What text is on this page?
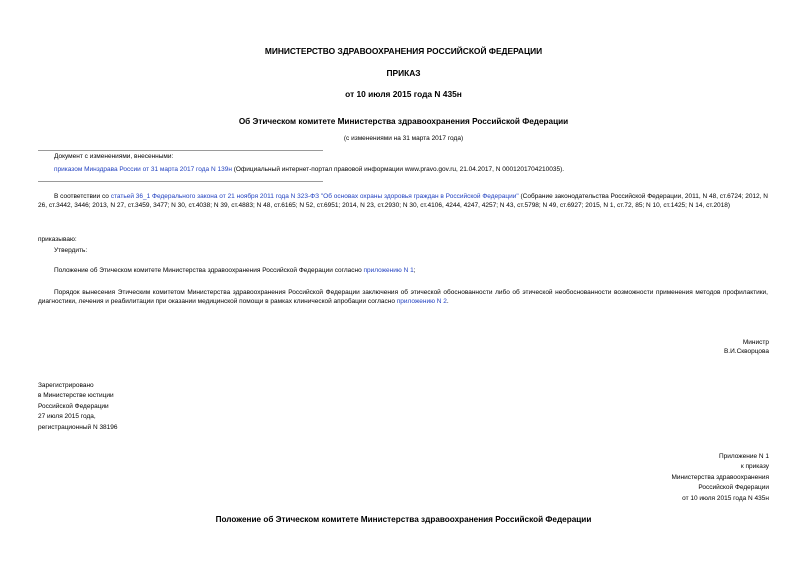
МИНИСТЕРСТВО ЗДРАВООХРАНЕНИЯ РОССИЙСКОЙ ФЕДЕРАЦИИ
ПРИКАЗ
от 10 июля 2015 года N 435н
Об Этическом комитете Министерства здравоохранения Российской Федерации
(с изменениями на 31 марта 2017 года)
Документ с изменениями, внесенными:
приказом Минздрава России от 31 марта 2017 года N 139н (Официальный интернет-портал правовой информации www.pravo.gov.ru, 21.04.2017, N 0001201704210035).
В соответствии со статьей 36_1 Федерального закона от 21 ноября 2011 года N 323-ФЗ "Об основах охраны здоровья граждан в Российской Федерации" (Собрание законодательства Российской Федерации, 2011, N 48, ст.6724; 2012, N 26, ст.3442, 3446; 2013, N 27, ст.3459, 3477; N 30, ст.4038; N 39, ст.4883; N 48, ст.6165; N 52, ст.6951; 2014, N 23, ст.2930; N 30, ст.4106, 4244, 4247, 4257; N 43, ст.5798; N 49, ст.6927; 2015, N 1, ст.72, 85; N 10, ст.1425; N 14, ст.2018)
приказываю:
Утвердить:
Положение об Этическом комитете Министерства здравоохранения Российской Федерации согласно приложению N 1;
Порядок вынесения Этическим комитетом Министерства здравоохранения Российской Федерации заключения об этической обоснованности либо об этической необоснованности возможности применения методов профилактики, диагностики, лечения и реабилитации при оказании медицинской помощи в рамках клинической апробации согласно приложению N 2.
Министр
В.И.Скворцова
Зарегистрировано
в Министерстве юстиции
Российской Федерации
27 июля 2015 года,
регистрационный N 38196
Приложение N 1
к приказу
Министерства здравоохранения
Российской Федерации
от 10 июля 2015 года N 435н
Положение об Этическом комитете Министерства здравоохранения Российской Федерации
